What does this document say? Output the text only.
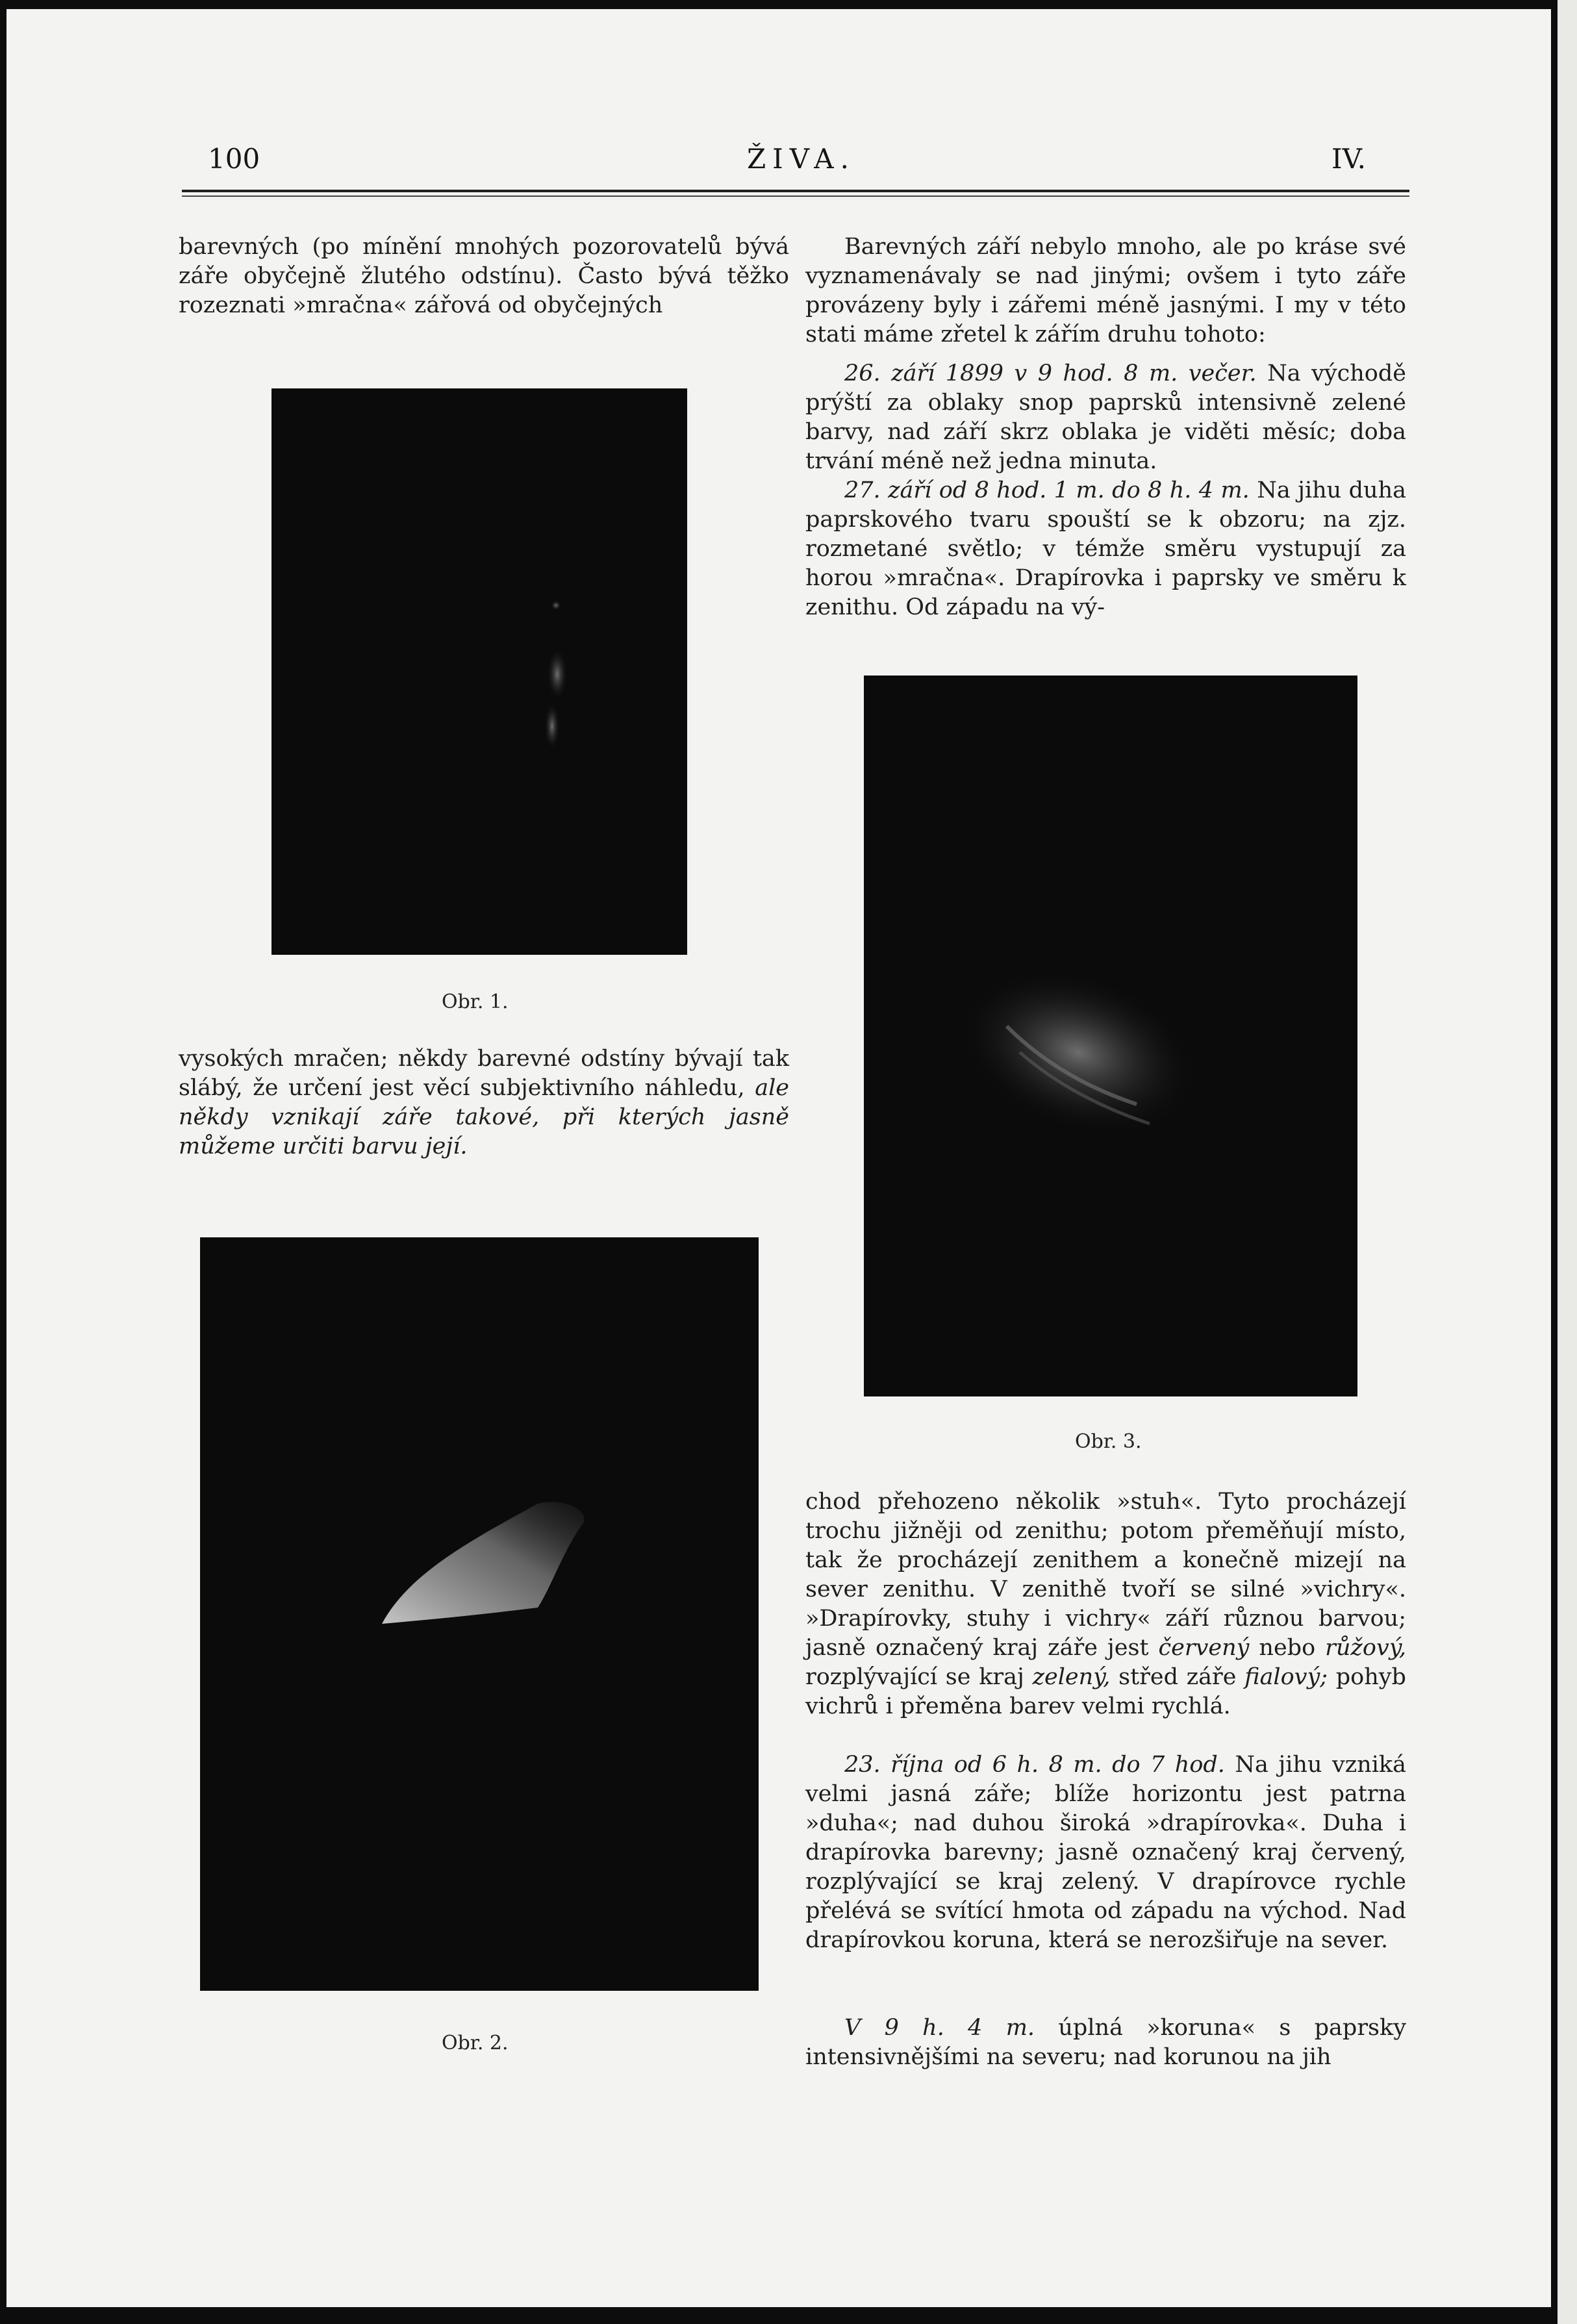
100	ŽIVA.	IV.

barevných (po mínění mnohých pozorovatelů bývá záře obyčejně žlutého odstínu). Často bývá těžko rozeznati »mračna« zářová od obyčejných

Obr. 1.

vysokých mračen; někdy barevné odstíny bývají tak slábý, že určení jest věcí subjektivního náhledu, ale někdy vznikají záře takové, při kterých jasně můžeme určiti barvu její.

Obr. 2.

Barevných září nebylo mnoho, ale po kráse své vyznamenávaly se nad jinými; ovšem i tyto záře provázeny byly i zářemi méně jasnými. I my v této stati máme zřetel k zářím druhu tohoto:

26. září 1899 v 9 hod. 8 m. večer. Na východě prýští za oblaky snop paprsků intensivně zelené barvy, nad září skrz oblaka je viděti měsíc; doba trvání méně než jedna minuta.

27. září od 8 hod. 1 m. do 8 h. 4 m. Na jihu duha paprskového tvaru spouští se k obzoru; na zjz. rozmetané světlo; v témže směru vystupují za horou »mračna«. Drapírovka i paprsky ve směru k zenithu. Od západu na vý-

Obr. 3.

chod přehozeno několik »stuh«. Tyto procházejí trochu jižněji od zenithu; potom přeměňují místo, tak že procházejí zenithem a konečně mizejí na sever zenithu. V zenithě tvoří se silné »vichry«. »Drapírovky, stuhy i vichry« září různou barvou; jasně označený kraj záře jest červený nebo růžový, rozplývající se kraj zelený, střed záře fialový; pohyb vichrů i přeměna barev velmi rychlá.

23. října od 6 h. 8 m. do 7 hod. Na jihu vzniká velmi jasná záře; blíže horizontu jest patrna »duha«; nad duhou široká »drapírovka«. Duha i drapírovka barevny; jasně označený kraj červený, rozplývající se kraj zelený. V drapírovce rychle přelévá se svítící hmota od západu na východ. Nad drapírovkou koruna, která se nerozšiřuje na sever.

V 9 h. 4 m. úplná »koruna« s paprsky intensivnějšími na severu; nad korunou na jih
